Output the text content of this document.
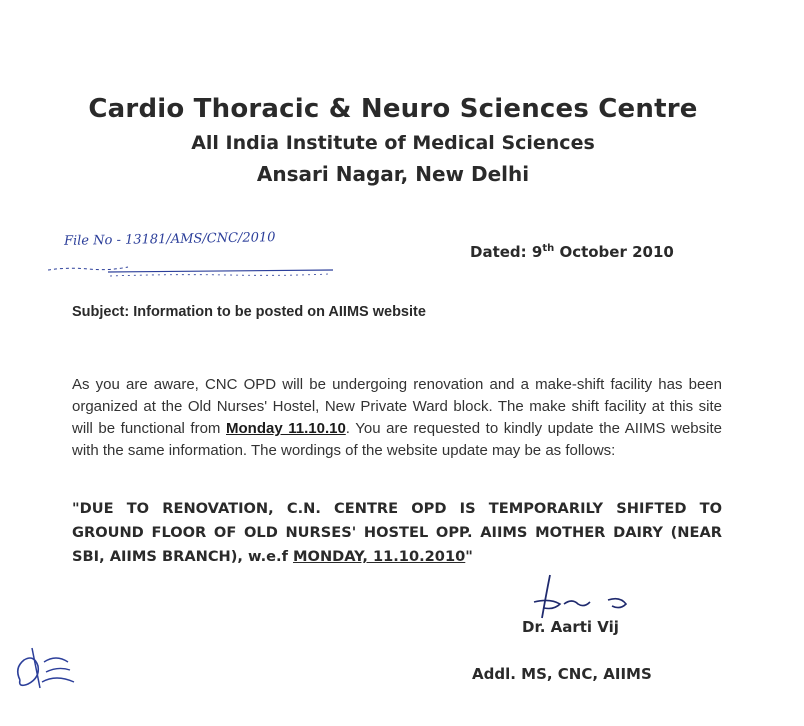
Cardio Thoracic & Neuro Sciences Centre
All India Institute of Medical Sciences
Ansari Nagar, New Delhi
File No - 13181/AMS/CNC/2010
Dated: 9th October 2010
Subject: Information to be posted on AIIMS website
As you are aware, CNC OPD will be undergoing renovation and a make-shift facility has been organized at the Old Nurses' Hostel, New Private Ward block. The make shift facility at this site will be functional from Monday 11.10.10. You are requested to kindly update the AIIMS website with the same information. The wordings of the website update may be as follows:
"DUE TO RENOVATION, C.N. CENTRE OPD IS TEMPORARILY SHIFTED TO GROUND FLOOR OF OLD NURSES' HOSTEL OPP. AIIMS MOTHER DAIRY (NEAR SBI, AIIMS BRANCH), w.e.f MONDAY, 11.10.2010"
Dr. Aarti Vij
Addl. MS, CNC, AIIMS
